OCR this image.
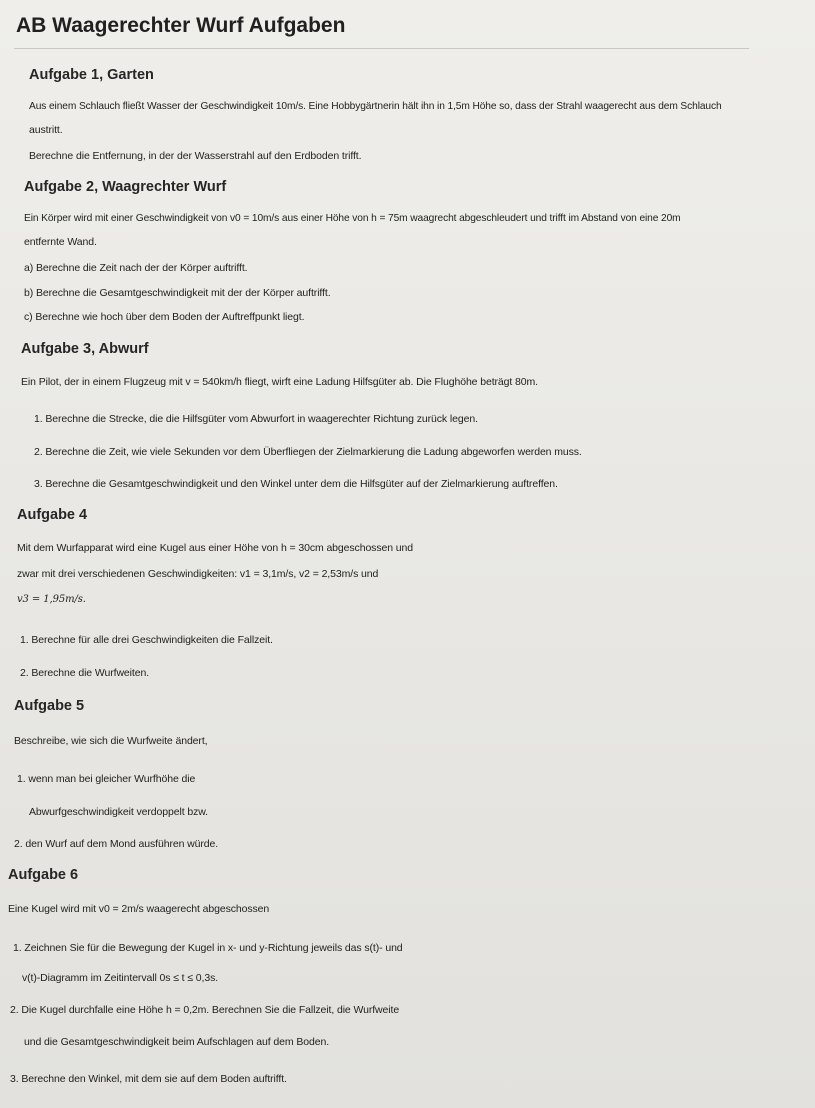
AB Waagerechter Wurf Aufgaben
Aufgabe 1, Garten
Aus einem Schlauch fließt Wasser der Geschwindigkeit 10m/s. Eine Hobbygärtnerin hält ihn in 1,5m Höhe so, dass der Strahl waagerecht aus dem Schlauch
austritt.
Berechne die Entfernung, in der der Wasserstrahl auf den Erdboden trifft.
Aufgabe 2, Waagrechter Wurf
Ein Körper wird mit einer Geschwindigkeit von v0 = 10m/s aus einer Höhe von h = 75m waagrecht abgeschleudert und trifft im Abstand von eine 20m
entfernte Wand.
a) Berechne die Zeit nach der der Körper auftrifft.
b) Berechne die Gesamtgeschwindigkeit mit der der Körper auftrifft.
c) Berechne wie hoch über dem Boden der Auftreffpunkt liegt.
Aufgabe 3, Abwurf
Ein Pilot, der in einem Flugzeug mit v = 540km/h fliegt, wirft eine Ladung Hilfsgüter ab. Die Flughöhe beträgt 80m.
1. Berechne die Strecke, die die Hilfsgüter vom Abwurfort in waagerechter Richtung zurück legen.
2. Berechne die Zeit, wie viele Sekunden vor dem Überfliegen der Zielmarkierung die Ladung abgeworfen werden muss.
3. Berechne die Gesamtgeschwindigkeit und den Winkel unter dem die Hilfsgüter auf der Zielmarkierung auftreffen.
Aufgabe 4
Mit dem Wurfapparat wird eine Kugel aus einer Höhe von h = 30cm abgeschossen und
zwar mit drei verschiedenen Geschwindigkeiten: v1 = 3,1m/s, v2 = 2,53m/s und
v3 = 1,95m/s.
1. Berechne für alle drei Geschwindigkeiten die Fallzeit.
2. Berechne die Wurfweiten.
Aufgabe 5
Beschreibe, wie sich die Wurfweite ändert,
1. wenn man bei gleicher Wurfhöhe die
Abwurfgeschwindigkeit verdoppelt bzw.
2. den Wurf auf dem Mond ausführen würde.
Aufgabe 6
Eine Kugel wird mit v0 = 2m/s waagerecht abgeschossen
1. Zeichnen Sie für die Bewegung der Kugel in x- und y-Richtung jeweils das s(t)- und
v(t)-Diagramm im Zeitintervall 0s ≤ t ≤ 0,3s.
2. Die Kugel durchfalle eine Höhe h = 0,2m. Berechnen Sie die Fallzeit, die Wurfweite
und die Gesamtgeschwindigkeit beim Aufschlagen auf dem Boden.
3. Berechne den Winkel, mit dem sie auf dem Boden auftrifft.
